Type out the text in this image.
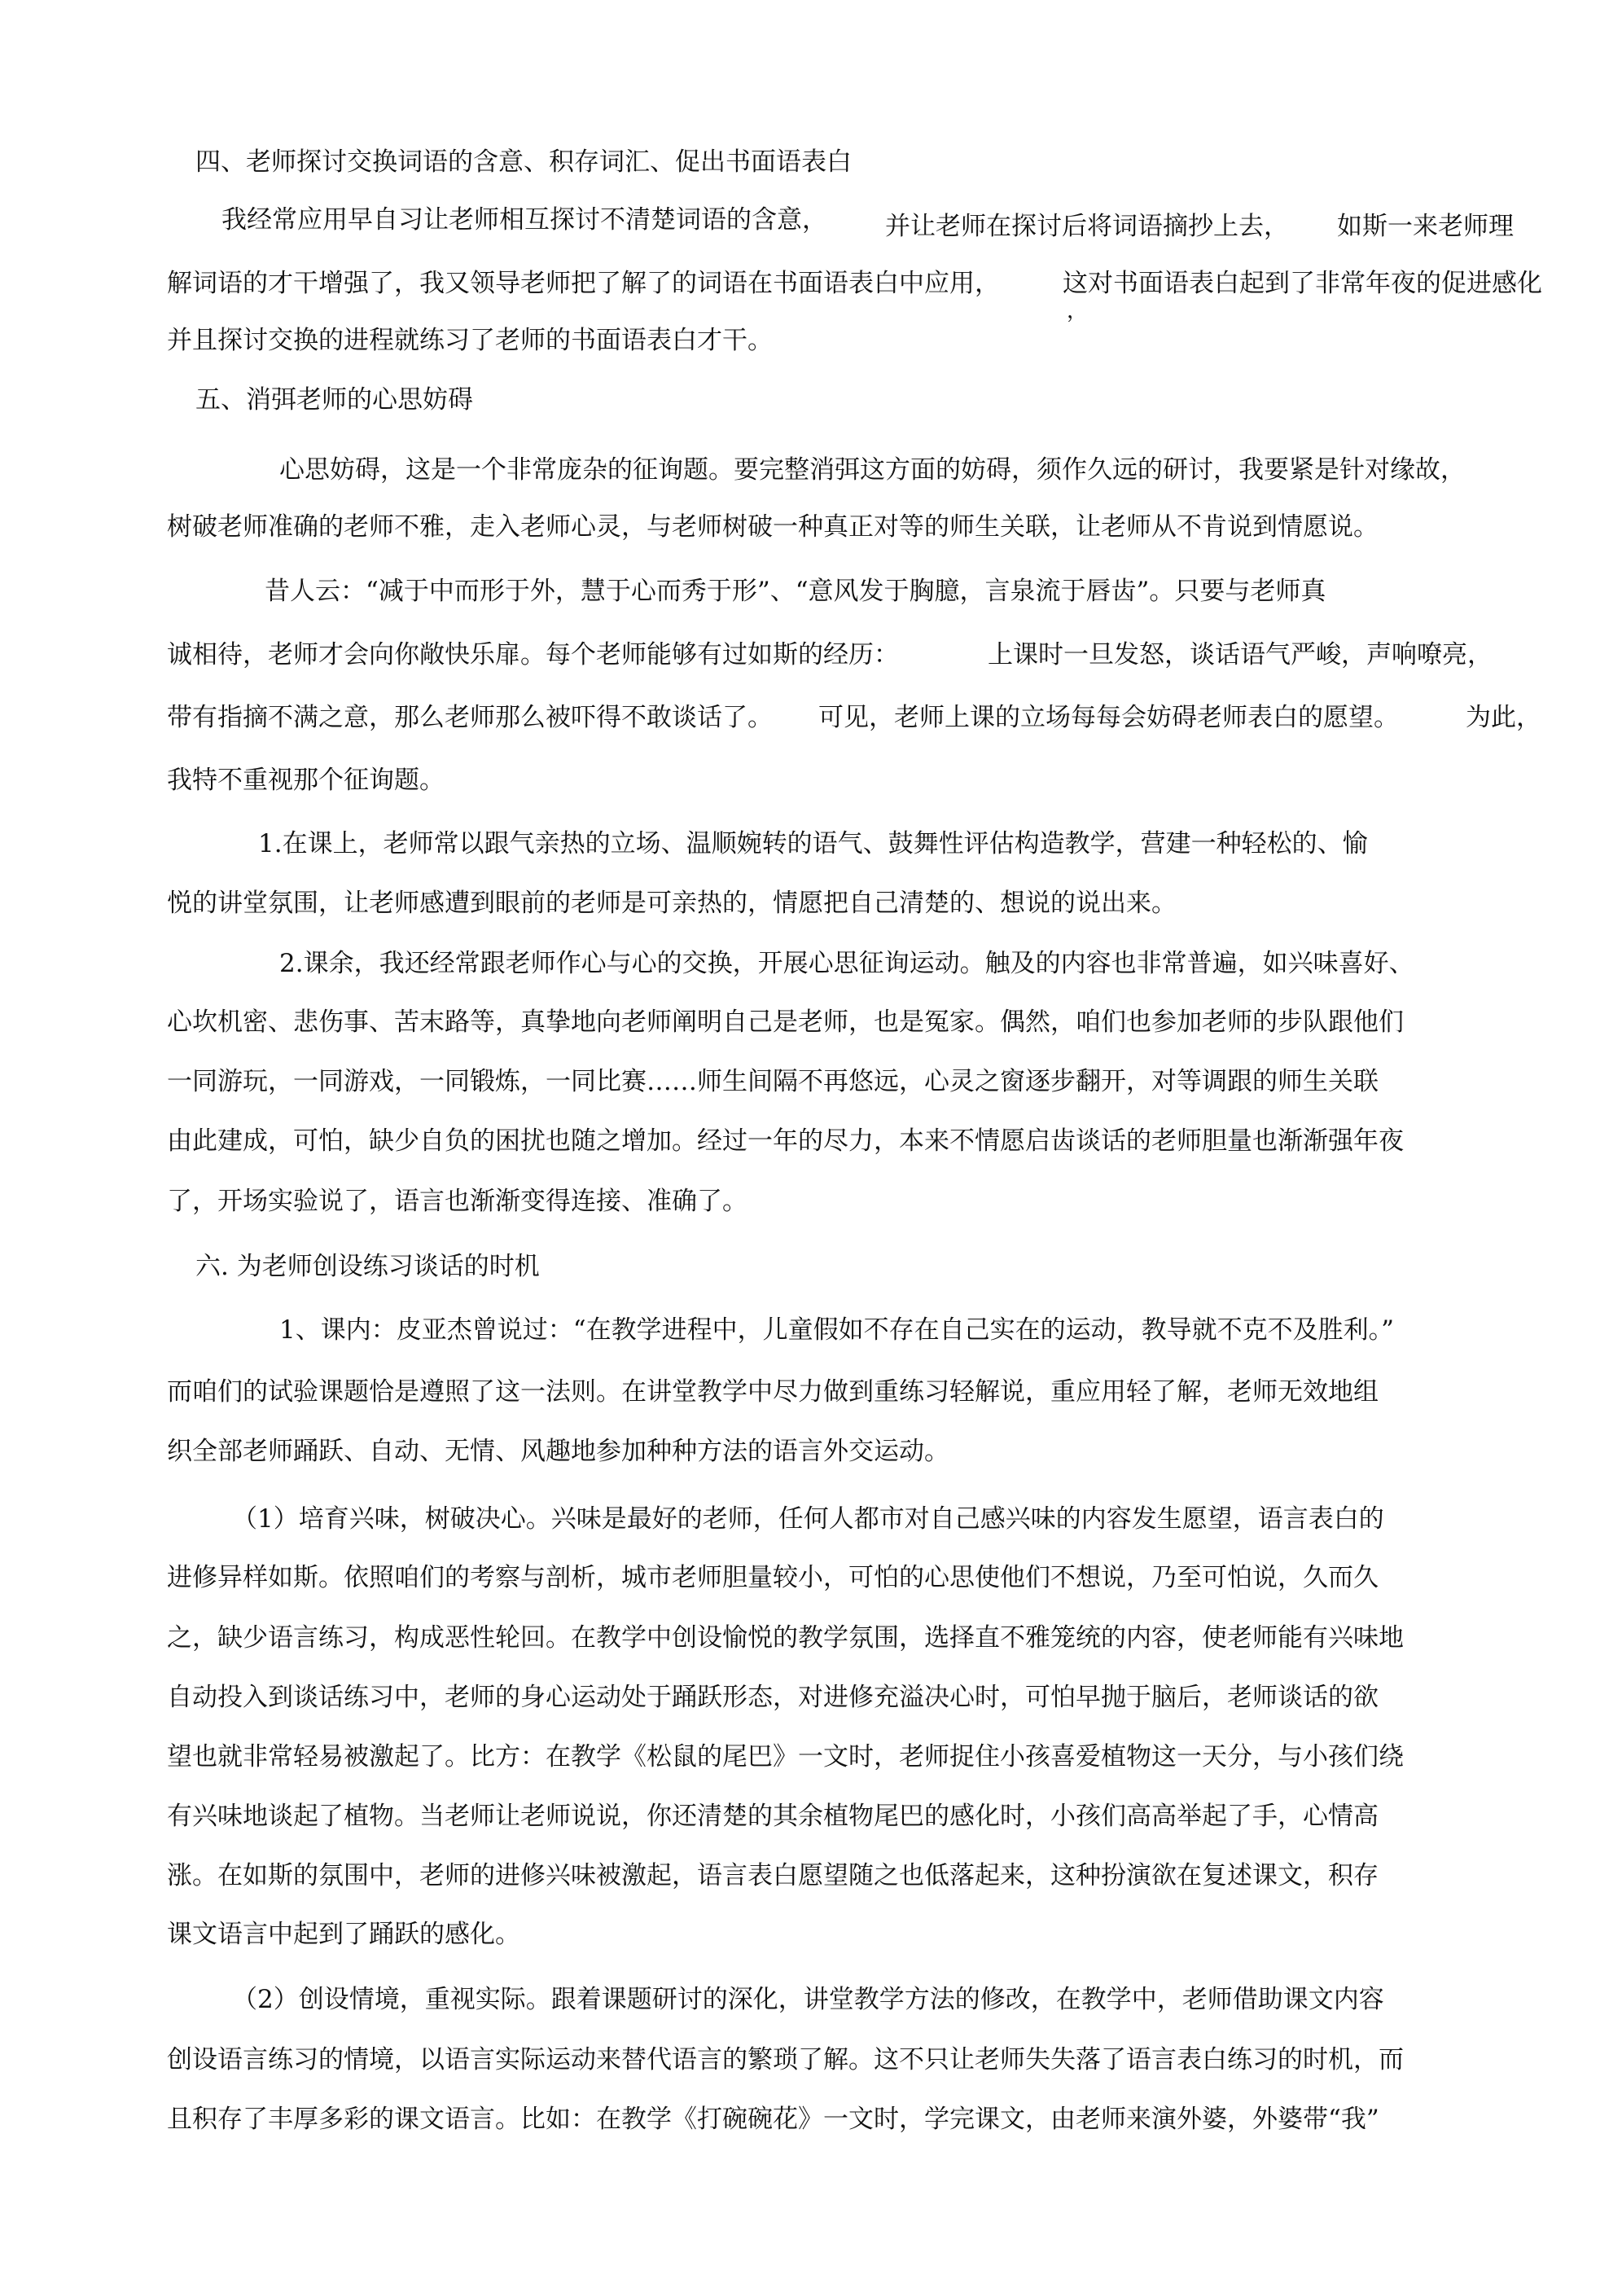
四、老师探讨交换词语的含意、积存词汇、促出书面语表白
我经常应用早自习让老师相互探讨不清楚词语的含意， 并让老师在探讨后将词语摘抄上去， 如斯一来老师理
解词语的才干增强了，我又领导老师把了解了的词语在书面语表白中应用， 这对书面语表白起到了非常年夜的促进感化
，
并且探讨交换的进程就练习了老师的书面语表白才干。
五、消弭老师的心思妨碍
心思妨碍，这是一个非常庞杂的征询题。要完整消弭这方面的妨碍，须作久远的研讨，我要紧是针对缘故，
树破老师准确的老师不雅，走入老师心灵，与老师树破一种真正对等的师生关联，让老师从不肯说到情愿说。
昔人云：“减于中而形于外，慧于心而秀于形”、“意风发于胸臆，言泉流于唇齿”。只要与老师真
诚相待，老师才会向你敞快乐扉。每个老师能够有过如斯的经历：	上课时一旦发怒，谈话语气严峻，声响嘹亮，
带有指摘不满之意，那么老师那么被吓得不敢谈话了。 可见，老师上课的立场每每会妨碍老师表白的愿望。	为此，
我特不重视那个征询题。
1.在课上，老师常以跟气亲热的立场、温顺婉转的语气、鼓舞性评估构造教学，营建一种轻松的、愉
悦的讲堂氛围，让老师感遭到眼前的老师是可亲热的，情愿把自己清楚的、想说的说出来。
2.课余，我还经常跟老师作心与心的交换，开展心思征询运动。触及的内容也非常普遍，如兴味喜好、
心坎机密、悲伤事、苦末路等，真挚地向老师阐明自己是老师，也是冤家。偶然，咱们也参加老师的步队跟他们
一同游玩，一同游戏，一同锻炼，一同比赛……师生间隔不再悠远，心灵之窗逐步翻开，对等调跟的师生关联
由此建成，可怕，缺少自负的困扰也随之增加。经过一年的尽力，本来不情愿启齿谈话的老师胆量也渐渐强年夜
了，开场实验说了，语言也渐渐变得连接、准确了。
六. 为老师创设练习谈话的时机
1、课内：皮亚杰曾说过：“在教学进程中，儿童假如不存在自己实在的运动，教导就不克不及胜利。”
而咱们的试验课题恰是遵照了这一法则。在讲堂教学中尽力做到重练习轻解说，重应用轻了解，老师无效地组
织全部老师踊跃、自动、无情、风趣地参加种种方法的语言外交运动。
（1）培育兴味，树破决心。兴味是最好的老师，任何人都市对自己感兴味的内容发生愿望，语言表白的
进修异样如斯。依照咱们的考察与剖析，城市老师胆量较小，可怕的心思使他们不想说，乃至可怕说，久而久
之，缺少语言练习，构成恶性轮回。在教学中创设愉悦的教学氛围，选择直不雅笼统的内容，使老师能有兴味地
自动投入到谈话练习中，老师的身心运动处于踊跃形态，对进修充溢决心时，可怕早抛于脑后，老师谈话的欲
望也就非常轻易被激起了。比方：在教学《松鼠的尾巴》一文时，老师捉住小孩喜爱植物这一天分，与小孩们绕
有兴味地谈起了植物。当老师让老师说说，你还清楚的其余植物尾巴的感化时，小孩们高高举起了手，心情高
涨。在如斯的氛围中，老师的进修兴味被激起，语言表白愿望随之也低落起来，这种扮演欲在复述课文，积存
课文语言中起到了踊跃的感化。
（2）创设情境，重视实际。跟着课题研讨的深化，讲堂教学方法的修改，在教学中，老师借助课文内容
创设语言练习的情境，以语言实际运动来替代语言的繁琐了解。这不只让老师失失落了语言表白练习的时机，而
且积存了丰厚多彩的课文语言。比如：在教学《打碗碗花》一文时，学完课文，由老师来演外婆，外婆带“我”
